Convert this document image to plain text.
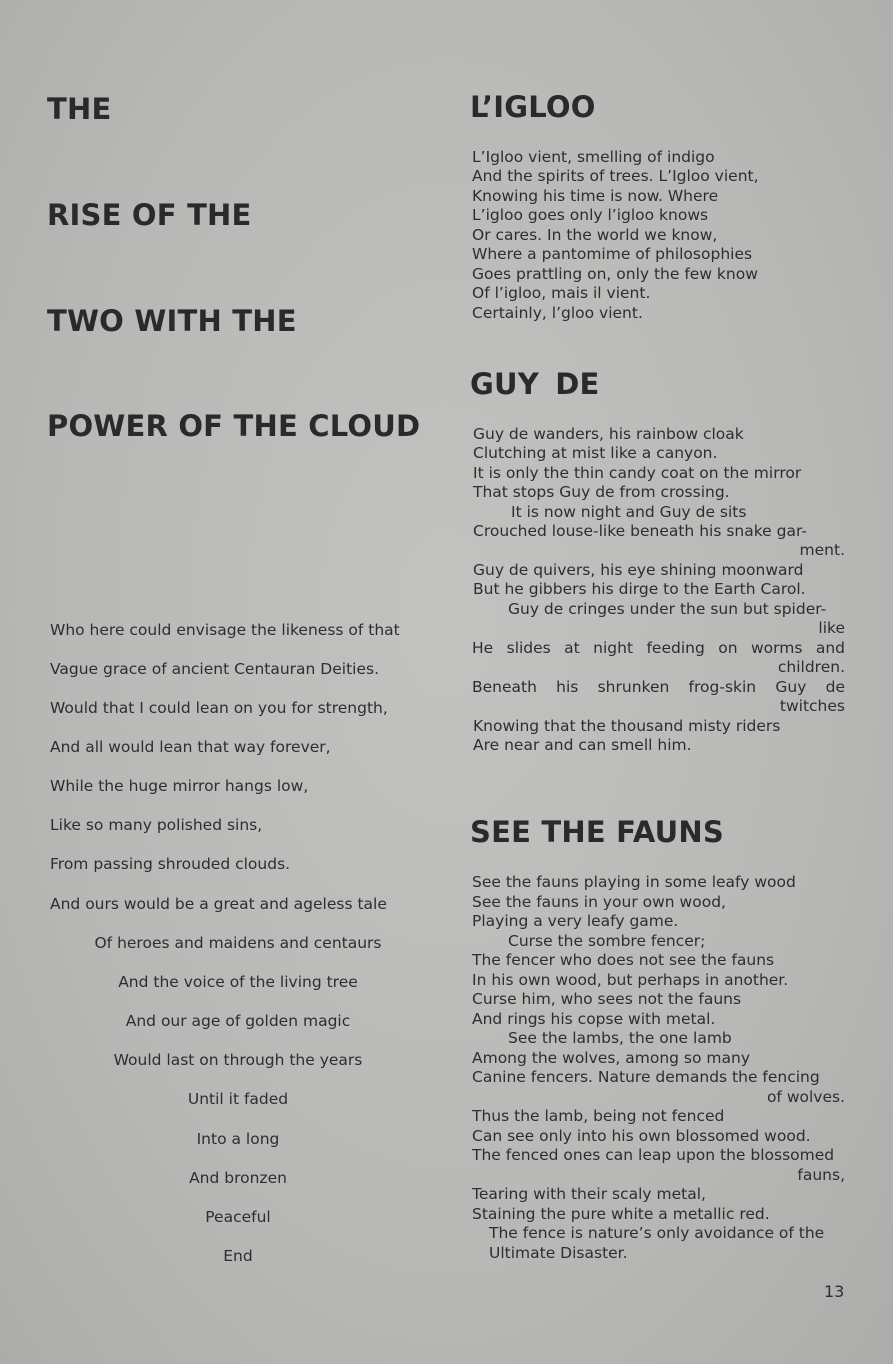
THE
RISE OF THE
TWO WITH THE
POWER OF THE CLOUD
Who here could envisage the likeness of that
Vague grace of ancient Centauran Deities.
Would that I could lean on you for strength,
And all would lean that way forever,
While the huge mirror hangs low,
Like so many polished sins,
From passing shrouded clouds.
And ours would be a great and ageless tale
Of heroes and maidens and centaurs
And the voice of the living tree
And our age of golden magic
Would last on through the years
Until it faded
Into a long
And bronzen
Peaceful
End
L’IGLOO
L’Igloo vient, smelling of indigo
And the spirits of trees. L’Igloo vient,
Knowing his time is now. Where
L’igloo goes only l’igloo knows
Or cares. In the world we know,
Where a pantomime of philosophies
Goes prattling on, only the few know
Of l’igloo, mais il vient.
Certainly, l’gloo vient.
GUY DE
Guy de wanders, his rainbow cloak
Clutching at mist like a canyon.
It is only the thin candy coat on the mirror
That stops Guy de from crossing.
It is now night and Guy de sits
Crouched louse-like beneath his snake gar-
ment.
Guy de quivers, his eye shining moonward
But he gibbers his dirge to the Earth Carol.
Guy de cringes under the sun but spider-
like
He slides at night feeding on worms and
children.
Beneath his shrunken frog-skin Guy de
twitches
Knowing that the thousand misty riders
Are near and can smell him.
SEE THE FAUNS
See the fauns playing in some leafy wood
See the fauns in your own wood,
Playing a very leafy game.
Curse the sombre fencer;
The fencer who does not see the fauns
In his own wood, but perhaps in another.
Curse him, who sees not the fauns
And rings his copse with metal.
See the lambs, the one lamb
Among the wolves, among so many
Canine fencers. Nature demands the fencing
of wolves.
Thus the lamb, being not fenced
Can see only into his own blossomed wood.
The fenced ones can leap upon the blossomed
fauns,
Tearing with their scaly metal,
Staining the pure white a metallic red.
The fence is nature’s only avoidance of the
Ultimate Disaster.
13
